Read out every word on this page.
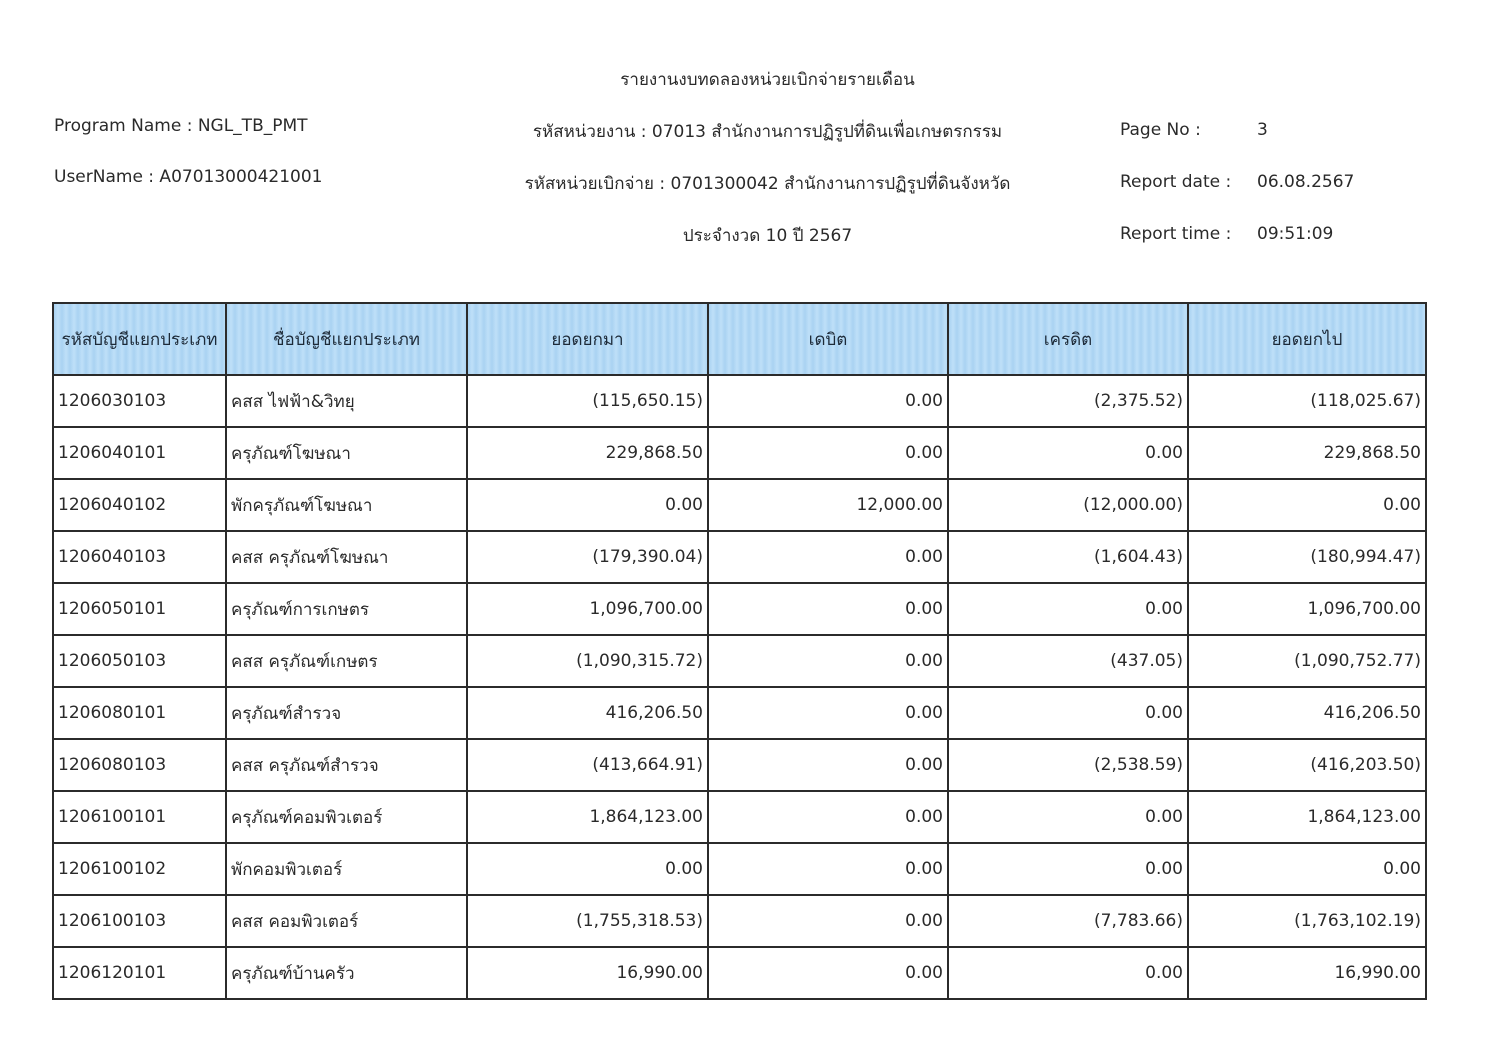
รายงานงบทดลองหน่วยเบิกจ่ายรายเดือน
Program Name : NGL_TB_PMT	รหัสหน่วยงาน : 07013 สำนักงานการปฏิรูปที่ดินเพื่อเกษตรกรรม	Page No :	3
UserName : A07013000421001	รหัสหน่วยเบิกจ่าย : 0701300042 สำนักงานการปฏิรูปที่ดินจังหวัด	Report date : 06.08.2567
ประจำงวด 10 ปี 2567	Report time : 09:51:09
รหัสบัญชีแยกประเภท	ชื่อบัญชีแยกประเภท	ยอดยกมา	เดบิต	เครดิต	ยอดยกไป
1206030103	คสส ไฟฟ้า&วิทยุ	(115,650.15)	0.00	(2,375.52)	(118,025.67)
1206040101	ครุภัณฑ์โฆษณา	229,868.50	0.00	0.00	229,868.50
1206040102	พักครุภัณฑ์โฆษณา	0.00	12,000.00	(12,000.00)	0.00
1206040103	คสส ครุภัณฑ์โฆษณา	(179,390.04)	0.00	(1,604.43)	(180,994.47)
1206050101	ครุภัณฑ์การเกษตร	1,096,700.00	0.00	0.00	1,096,700.00
1206050103	คสส ครุภัณฑ์เกษตร	(1,090,315.72)	0.00	(437.05)	(1,090,752.77)
1206080101	ครุภัณฑ์สำรวจ	416,206.50	0.00	0.00	416,206.50
1206080103	คสส ครุภัณฑ์สำรวจ	(413,664.91)	0.00	(2,538.59)	(416,203.50)
1206100101	ครุภัณฑ์คอมพิวเตอร์	1,864,123.00	0.00	0.00	1,864,123.00
1206100102	พักคอมพิวเตอร์	0.00	0.00	0.00	0.00
1206100103	คสส คอมพิวเตอร์	(1,755,318.53)	0.00	(7,783.66)	(1,763,102.19)
1206120101	ครุภัณฑ์บ้านครัว	16,990.00	0.00	0.00	16,990.00
